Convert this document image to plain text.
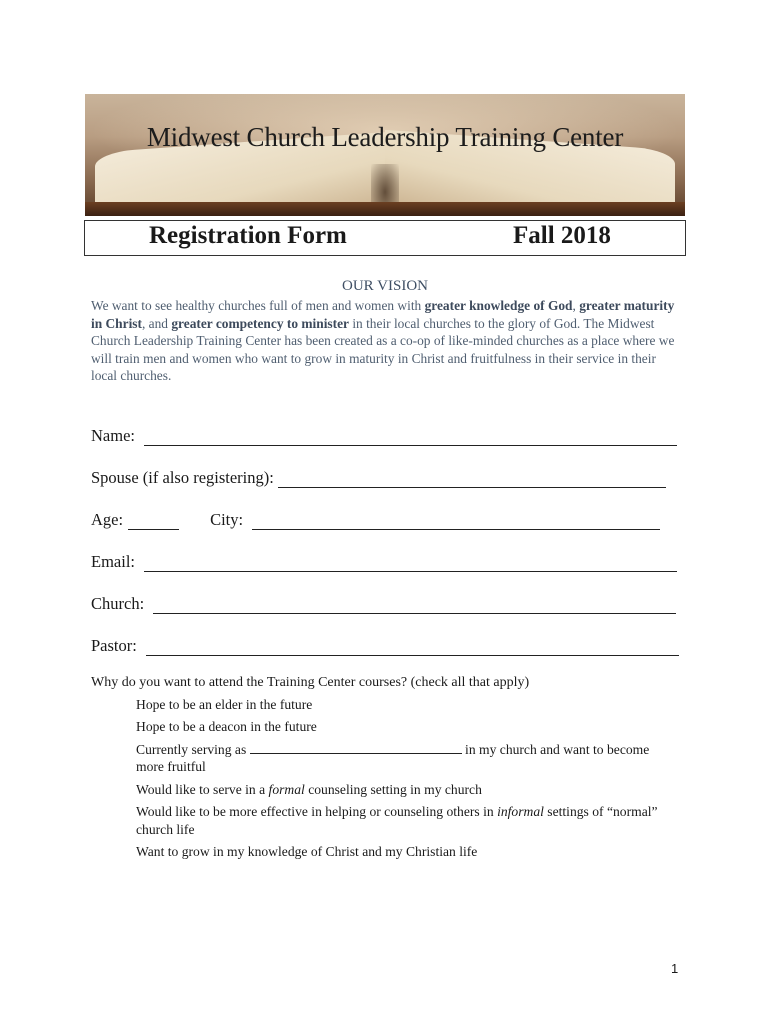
Midwest Church Leadership Training Center
Registration Form	Fall 2018
OUR VISION
We want to see healthy churches full of men and women with greater knowledge of God, greater maturity in Christ, and greater competency to minister in their local churches to the glory of God. The Midwest Church Leadership Training Center has been created as a co-op of like-minded churches as a place where we will train men and women who want to grow in maturity in Christ and fruitfulness in their service in their local churches.
Name:
Spouse (if also registering):
Age:	City:
Email:
Church:
Pastor:
Why do you want to attend the Training Center courses? (check all that apply)
Hope to be an elder in the future
Hope to be a deacon in the future
Currently serving as	in my church and want to become more fruitful
Would like to serve in a formal counseling setting in my church
Would like to be more effective in helping or counseling others in informal settings of “normal” church life
Want to grow in my knowledge of Christ and my Christian life
1
